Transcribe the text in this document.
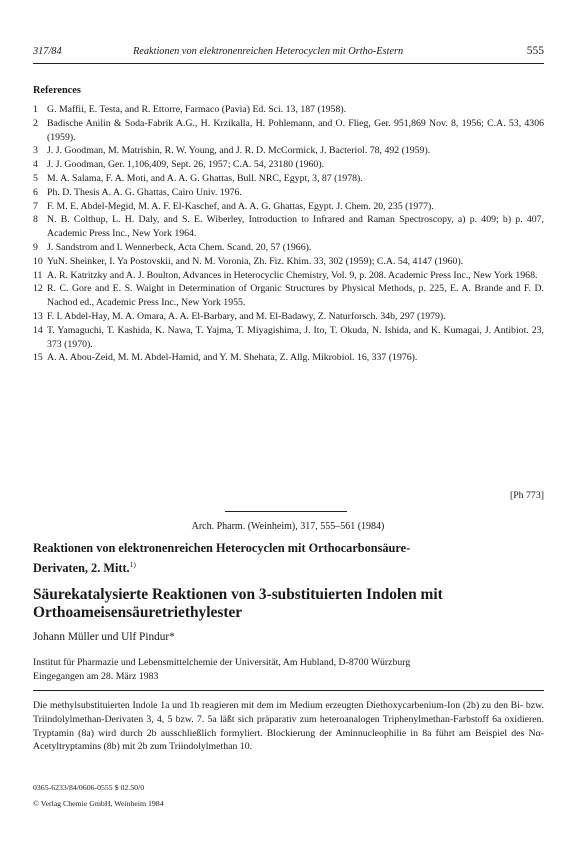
317/84	Reaktionen von elektronenreichen Heterocyclen mit Ortho-Estern	555
References
1 G. Maffii, E. Testa, and R. Ettorre, Farmaco (Pavia) Ed. Sci. 13, 187 (1958).
2 Badische Anilin & Soda-Fabrik A.G., H. Krzikalla, H. Pohlemann, and O. Flieg, Ger. 951,869 Nov. 8, 1956; C.A. 53, 4306 (1959).
3 J. J. Goodman, M. Matrishin, R. W. Young, and J. R. D. McCormick, J. Bacteriol. 78, 492 (1959).
4 J. J. Goodman, Ger. 1,106,409, Sept. 26, 1957; C.A. 54, 23180 (1960).
5 M. A. Salama, F. A. Moti, and A. A. G. Ghattas, Bull. NRC, Egypt, 3, 87 (1978).
6 Ph. D. Thesis A. A. G. Ghattas, Cairo Univ. 1976.
7 F. M. E. Abdel-Megid, M. A. F. El-Kaschef, and A. A. G. Ghattas, Egypt. J. Chem. 20, 235 (1977).
8 N. B. Colthup, L. H. Daly, and S. E. Wiberley, Introduction to Infrared and Raman Spectroscopy, a) p. 409; b) p. 407, Academic Press Inc., New York 1964.
9 J. Sandstrom and I. Wennerbeck, Acta Chem. Scand. 20, 57 (1966).
10 YuN. Sheinker, I. Ya Postovskii, and N. M. Voronia, Zh. Fiz. Khim. 33, 302 (1959); C.A. 54, 4147 (1960).
11 A. R. Katritzky and A. J. Boulton, Advances in Heterocyclic Chemistry, Vol. 9, p. 208. Academic Press Inc., New York 1968.
12 R. C. Gore and E. S. Waight in Determination of Organic Structures by Physical Methods, p. 225, E. A. Brande and F. D. Nachod ed., Academic Press Inc., New York 1955.
13 F. I. Abdel-Hay, M. A. Omara, A. A. El-Barbary, and M. El-Badawy, Z. Naturforsch. 34b, 297 (1979).
14 T. Yamaguchi, T. Kashida, K. Nawa, T. Yajma, T. Miyagishima, J. Ito, T. Okuda, N. Ishida, and K. Kumagai, J. Antibiot. 23, 373 (1970).
15 A. A. Abou-Zeid, M. M. Abdel-Hamid, and Y. M. Shehata, Z. Allg. Mikrobiol. 16, 337 (1976).
[Ph 773]
Arch. Pharm. (Weinheim), 317, 555–561 (1984)
Reaktionen von elektronenreichen Heterocyclen mit Orthocarbonsäure-Derivaten, 2. Mitt.$^{1)}$
Säurekatalysierte Reaktionen von 3-substituierten Indolen mit Orthoameisensäuretriethylester
Johann Müller und Ulf Pindur*
Institut für Pharmazie und Lebensmittelchemie der Universität, Am Hubland, D-8700 Würzburg
Eingegangen am 28. März 1983

Die methylsubstituierten Indole 1a und 1b reagieren mit dem im Medium erzeugten Diethoxycarbenium-Ion (2b) zu den Bi- bzw. Triindolylmethan-Derivaten 3, 4, 5 bzw. 7. 5a läßt sich präparativ zum heteroanalogen Triphenylmethan-Farbstoff 6a oxidieren. Tryptamin (8a) wird durch 2b ausschließlich formyliert. Blockierung der Aminnucleophilie in 8a führt am Beispiel des Nα-Acetyltryptamins (8b) mit 2b zum Triindolylmethan 10.

0365-6233/84/0606-0555 $ 02.50/0
© Verlag Chemie GmbH, Weinheim 1984
